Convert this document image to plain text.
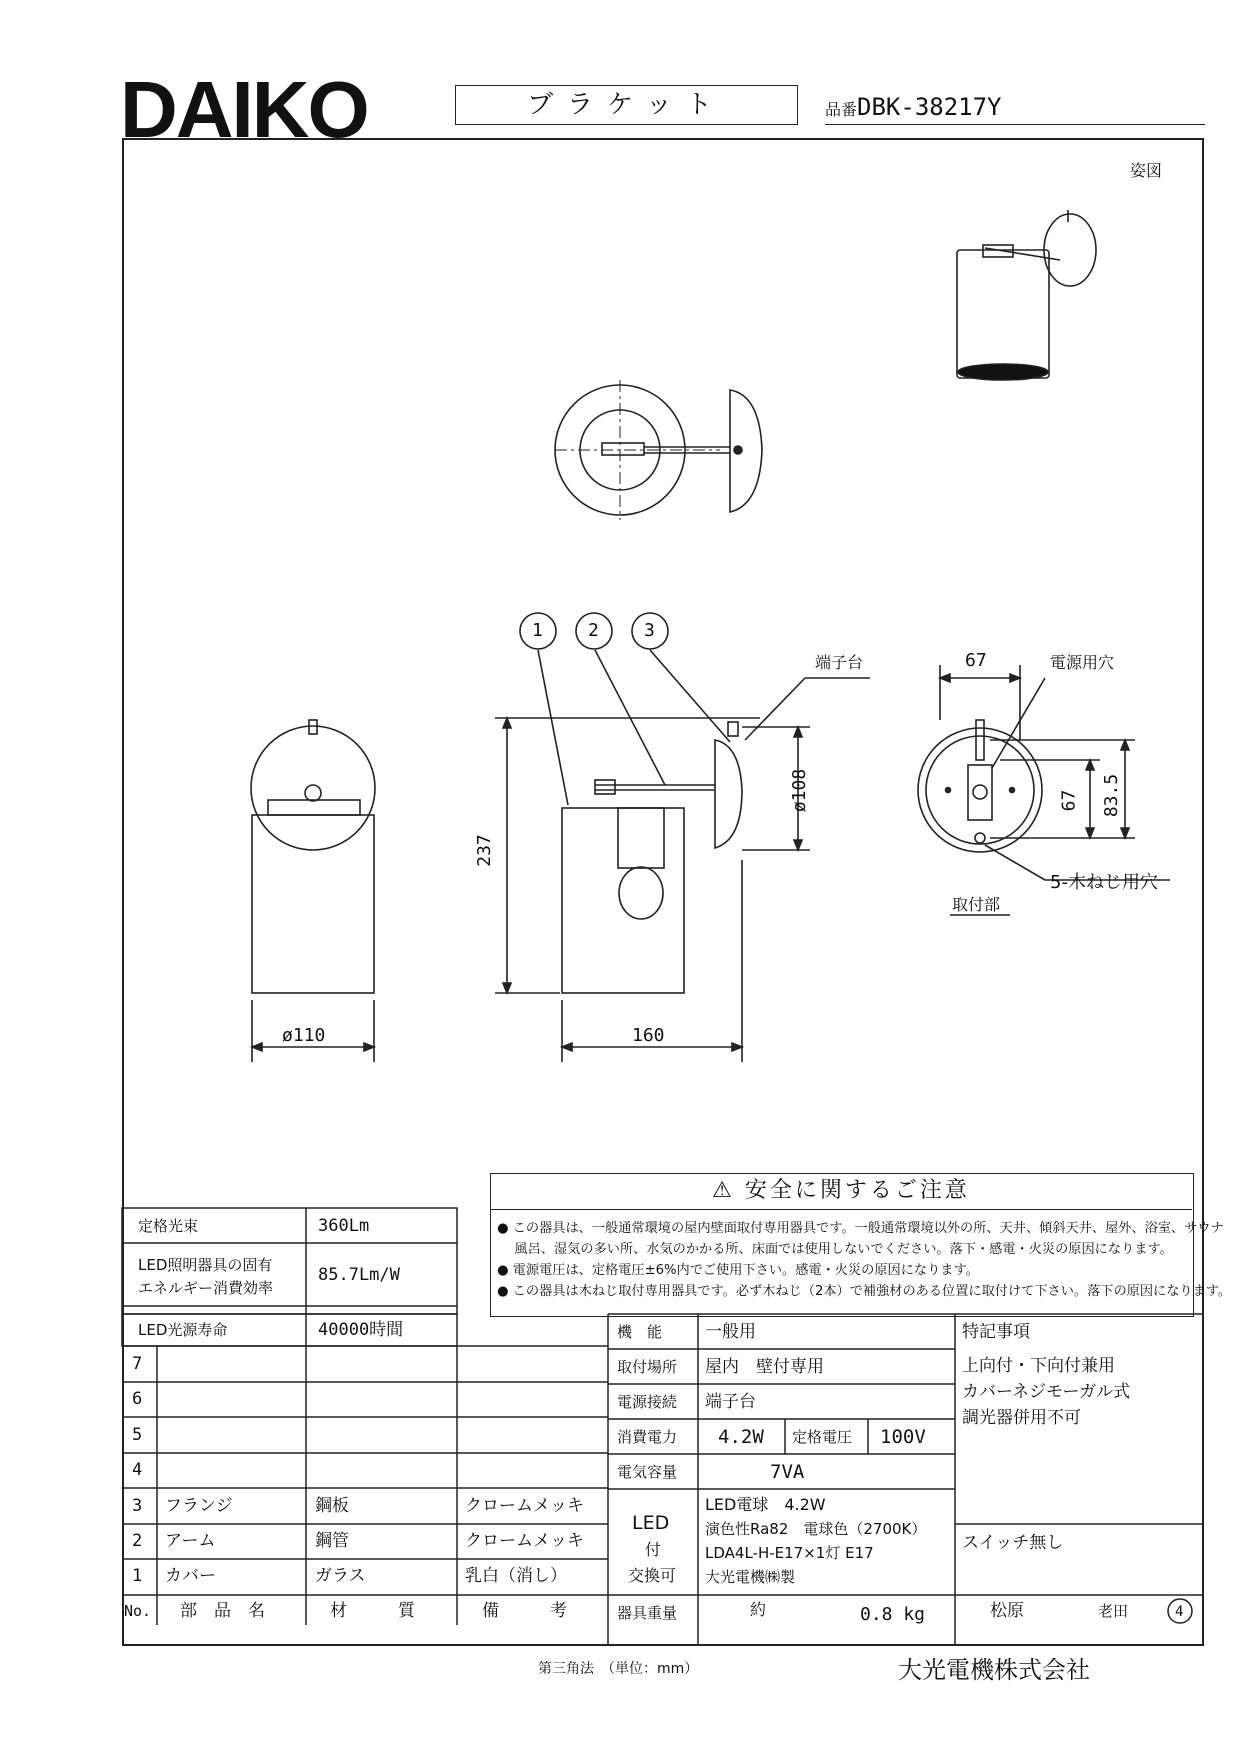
DAIKO	ブラケット	品番DBK-38217Y
姿図
1	2	3
端子台	電源用穴
5-木ねじ用穴
取付部
ø110	160
237
ø108
67
67 83.5
⚠ 安全に関するご注意
● この器具は、一般通常環境の屋内壁面取付専用器具です。一般通常環境以外の所、天井、傾斜天井、屋外、浴室、サウナ
　 風呂、湿気の多い所、水気のかかる所、床面では使用しないでください。落下・感電・火災の原因になります。
● 電源電圧は、定格電圧±6%内でご使用下さい。感電・火災の原因になります。
● この器具は木ねじ取付専用器具です。必ず木ねじ（2本）で補強材のある位置に取付けて下さい。落下の原因になります。
定格光束	360Lm
LED照明器具の固有
エネルギー消費効率
85.7Lm/W
LED光源寿命	40000時間
7
6
5
4
3 フランジ	鋼板	クロームメッキ
2 アーム	鋼管	クロームメッキ
1 カバー	ガラス	乳白（消し）
No. 部　品　名	材　　　質	備　　　考
機　能	一般用
取付場所 屋内　壁付専用
電源接続 端子台
消費電力 4.2W 定格電圧 100V
電気容量	7VA
LED
付
交換可
LED電球　4.2W
演色性Ra82　電球色（2700K）
LDA4L-H-E17×1灯 E17
大光電機㈱製
器具重量	約	0.8 kg
特記事項
上向付・下向付兼用
カバーネジモーガル式
調光器併用不可
スイッチ無し
松原	老田	4
第三角法　（単位：mm）	大光電機株式会社
